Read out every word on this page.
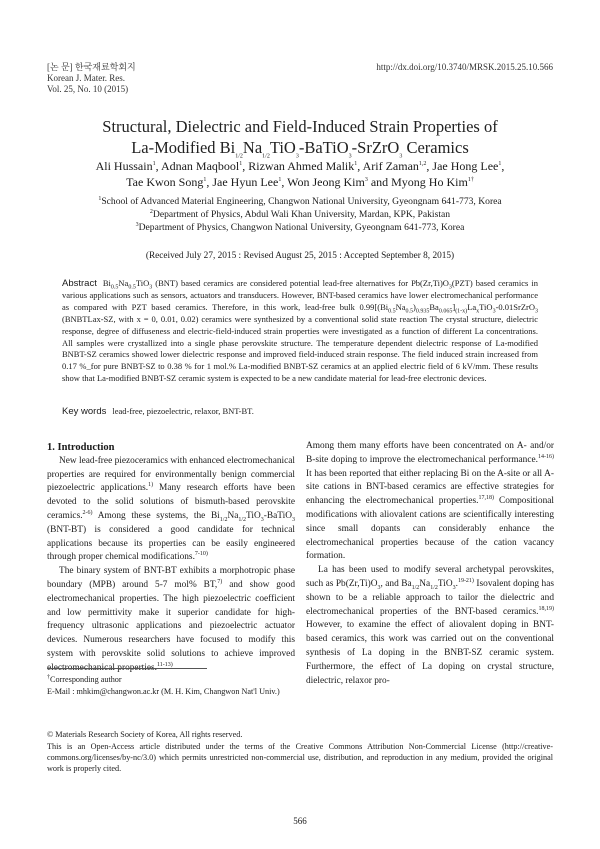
[논 문] 한국재료학회지
Korean J. Mater. Res.
Vol. 25, No. 10 (2015)
http://dx.doi.org/10.3740/MRSK.2015.25.10.566
Structural, Dielectric and Field-Induced Strain Properties of
La-Modified $Bi_{1/2}Na_{1/2}TiO_3-BaTiO_3-SrZrO_3$ Ceramics
Ali Hussain$^1$, Adnan Maqbool$^1$, Rizwan Ahmed Malik$^1$, Arif Zaman$^{1,2}$, Jae Hong Lee$^1$,
Tae Kwon Song$^1$, Jae Hyun Lee$^1$, Won Jeong Kim$^3$ and Myong Ho Kim$^{1\dagger}$
$^1$School of Advanced Material Engineering, Changwon National University, Gyeongnam 641-773, Korea
$^2$Department of Physics, Abdul Wali Khan University, Mardan, KPK, Pakistan
$^3$Department of Physics, Changwon National University, Gyeongnam 641-773, Korea
(Received July 27, 2015 : Revised August 25, 2015 : Accepted September 8, 2015)
Abstract $Bi_{0.5}Na_{0.5}TiO_3$ (BNT) based ceramics are considered potential lead-free alternatives for $Pb(Zr,Ti)O_3(PZT)$ based ceramics in various applications such as sensors, actuators and transducers. However, BNT-based ceramics have lower electromechanical performance as compared with PZT based ceramics. Therefore, in this work, lead-free bulk $0.99[(Bi_{0.5}Na_{0.5})_{0.935}Ba_{0.065}]_{(1-x)}La_xTiO_3-0.01SrZrO_3$ (BNBTLax-SZ, with x = 0, 0.01, 0.02) ceramics were synthesized by a conventional solid state reaction The crystal structure, dielectric response, degree of diffuseness and electric-field-induced strain properties were investigated as a function of different La concentrations. All samples were crystallized into a single phase perovskite structure. The temperature dependent dielectric response of La-modified BNBT-SZ ceramics showed lower dielectric response and improved field-induced strain response. The field induced strain increased from 0.17 %_for pure BNBT-SZ to 0.38 % for 1 mol.% La-modified BNBT-SZ ceramics at an applied electric field of 6 kV/mm. These results show that La-modified BNBT-SZ ceramic system is expected to be a new candidate material for lead-free electronic devices.
Key words lead-free, piezoelectric, relaxor, BNT-BT.

1. Introduction

New lead-free piezoceramics with enhanced electromechanical properties are required for environmentally benign commercial piezoelectric applications.$^{1)}$ Many research efforts have been devoted to the solid solutions of bismuth-based perovskite ceramics.$^{2-6)}$ Among these systems, the $Bi_{1/2}Na_{1/2}TiO_3-BaTiO_3$ (BNT-BT) is considered a good candidate for technical applications because its properties can be easily engineered through proper chemical modifications.$^{7-10)}$

The binary system of BNT-BT exhibits a morphotropic phase boundary (MPB) around 5-7 mol% BT,$^{7)}$ and show good electromechanical properties. The high piezoelectric coefficient and low permittivity make it superior candidate for high-frequency ultrasonic applications and piezoelectric actuator devices. Numerous researchers have focused to modify this system with perovskite solid solutions to achieve improved electromechanical properties.$^{11-13)}$

Among them many efforts have been concentrated on A- and/or B-site doping to improve the electromechanical performance.$^{14-16)}$ It has been reported that either replacing Bi on the A-site or all A-site cations in BNT-based ceramics are effective strategies for enhancing the electromechanical properties.$^{17,18)}$ Compositional modifications with aliovalent cations are scientifically interesting since small dopants can considerably enhance the electromechanical properties because of the cation vacancy formation.

La has been used to modify several archetypal perovskites, such as $Pb(Zr,Ti)O_3$, and $Ba_{1/2}Na_{1/2}TiO_3.^{19-21)}$ Isovalent doping has shown to be a reliable approach to tailor the dielectric and electromechanical properties of the BNT-based ceramics.$^{18,19)}$ However, to examine the effect of aliovalent doping in BNT-based ceramics, this work was carried out on the conventional synthesis of La doping in the BNBT-SZ ceramic system. Furthermore, the effect of La doping on crystal structure, dielectric, relaxor pro-

†Corresponding author
E-Mail : mhkim@changwon.ac.kr (M. H. Kim, Changwon Nat'l Univ.)
© Materials Research Society of Korea, All rights reserved.
This is an Open-Access article distributed under the terms of the Creative Commons Attribution Non-Commercial License (http://creative-commons.org/licenses/by-nc/3.0) which permits unrestricted non-commercial use, distribution, and reproduction in any medium, provided the original work is properly cited.
566
